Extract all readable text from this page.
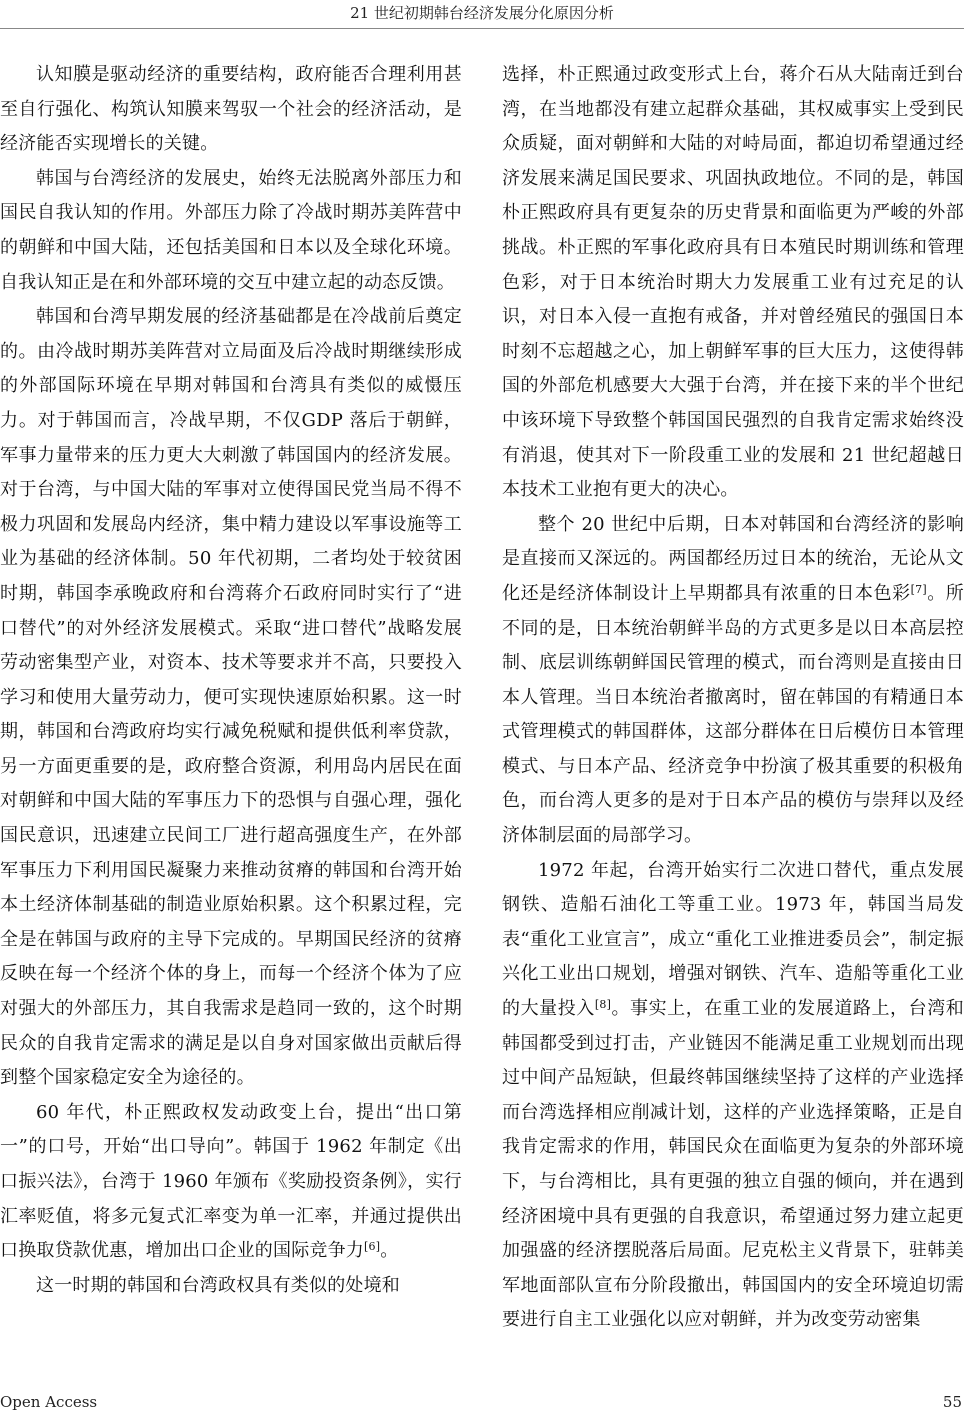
21 世纪初期韩台经济发展分化原因分析

认知膜是驱动经济的重要结构，政府能否合理利用甚至自行强化、构筑认知膜来驾驭一个社会的经济活动，是经济能否实现增长的关键。

韩国与台湾经济的发展史，始终无法脱离外部压力和国民自我认知的作用。外部压力除了冷战时期苏美阵营中的朝鲜和中国大陆，还包括美国和日本以及全球化环境。自我认知正是在和外部环境的交互中建立起的动态反馈。

韩国和台湾早期发展的经济基础都是在冷战前后奠定的。由冷战时期苏美阵营对立局面及后冷战时期继续形成的外部国际环境在早期对韩国和台湾具有类似的威慑压力。对于韩国而言，冷战早期，不仅GDP 落后于朝鲜，军事力量带来的压力更大大刺激了韩国国内的经济发展。对于台湾，与中国大陆的军事对立使得国民党当局不得不极力巩固和发展岛内经济，集中精力建设以军事设施等工业为基础的经济体制。50 年代初期，二者均处于较贫困时期，韩国李承晚政府和台湾蒋介石政府同时实行了“进口替代”的对外经济发展模式。采取“进口替代”战略发展劳动密集型产业，对资本、技术等要求并不高，只要投入学习和使用大量劳动力，便可实现快速原始积累。这一时期，韩国和台湾政府均实行减免税赋和提供低利率贷款，另一方面更重要的是，政府整合资源，利用岛内居民在面对朝鲜和中国大陆的军事压力下的恐惧与自强心理，强化国民意识，迅速建立民间工厂进行超高强度生产，在外部军事压力下利用国民凝聚力来推动贫瘠的韩国和台湾开始本土经济体制基础的制造业原始积累。这个积累过程，完全是在韩国与政府的主导下完成的。早期国民经济的贫瘠反映在每一个经济个体的身上，而每一个经济个体为了应对强大的外部压力，其自我需求是趋同一致的，这个时期民众的自我肯定需求的满足是以自身对国家做出贡献后得到整个国家稳定安全为途径的。

60 年代，朴正熙政权发动政变上台，提出“出口第一”的口号，开始“出口导向”。韩国于 1962 年制定《出口振兴法》，台湾于 1960 年颁布《奖励投资条例》，实行汇率贬值，将多元复式汇率变为单一汇率，并通过提供出口换取贷款优惠，增加出口企业的国际竞争力[6]。

这一时期的韩国和台湾政权具有类似的处境和

选择，朴正熙通过政变形式上台，蒋介石从大陆南迁到台湾，在当地都没有建立起群众基础，其权威事实上受到民众质疑，面对朝鲜和大陆的对峙局面，都迫切希望通过经济发展来满足国民要求、巩固执政地位。不同的是，韩国朴正熙政府具有更复杂的历史背景和面临更为严峻的外部挑战。朴正熙的军事化政府具有日本殖民时期训练和管理色彩，对于日本统治时期大力发展重工业有过充足的认识，对日本入侵一直抱有戒备，并对曾经殖民的强国日本时刻不忘超越之心，加上朝鲜军事的巨大压力，这使得韩国的外部危机感要大大强于台湾，并在接下来的半个世纪中该环境下导致整个韩国国民强烈的自我肯定需求始终没有消退，使其对下一阶段重工业的发展和 21 世纪超越日本技术工业抱有更大的决心。

整个 20 世纪中后期，日本对韩国和台湾经济的影响是直接而又深远的。两国都经历过日本的统治，无论从文化还是经济体制设计上早期都具有浓重的日本色彩[7]。所不同的是，日本统治朝鲜半岛的方式更多是以日本高层控制、底层训练朝鲜国民管理的模式，而台湾则是直接由日本人管理。当日本统治者撤离时，留在韩国的有精通日本式管理模式的韩国群体，这部分群体在日后模仿日本管理模式、与日本产品、经济竞争中扮演了极其重要的积极角色，而台湾人更多的是对于日本产品的模仿与崇拜以及经济体制层面的局部学习。

1972 年起，台湾开始实行二次进口替代，重点发展钢铁、造船石油化工等重工业。1973 年，韩国当局发表“重化工业宣言”，成立“重化工业推进委员会”，制定振兴化工业出口规划，增强对钢铁、汽车、造船等重化工业的大量投入[8]。事实上，在重工业的发展道路上，台湾和韩国都受到过打击，产业链因不能满足重工业规划而出现过中间产品短缺，但最终韩国继续坚持了这样的产业选择而台湾选择相应削减计划，这样的产业选择策略，正是自我肯定需求的作用，韩国民众在面临更为复杂的外部环境下，与台湾相比，具有更强的独立自强的倾向，并在遇到经济困境中具有更强的自我意识，希望通过努力建立起更加强盛的经济摆脱落后局面。尼克松主义背景下，驻韩美军地面部队宣布分阶段撤出，韩国国内的安全环境迫切需要进行自主工业强化以应对朝鲜，并为改变劳动密集

Open Access	55
